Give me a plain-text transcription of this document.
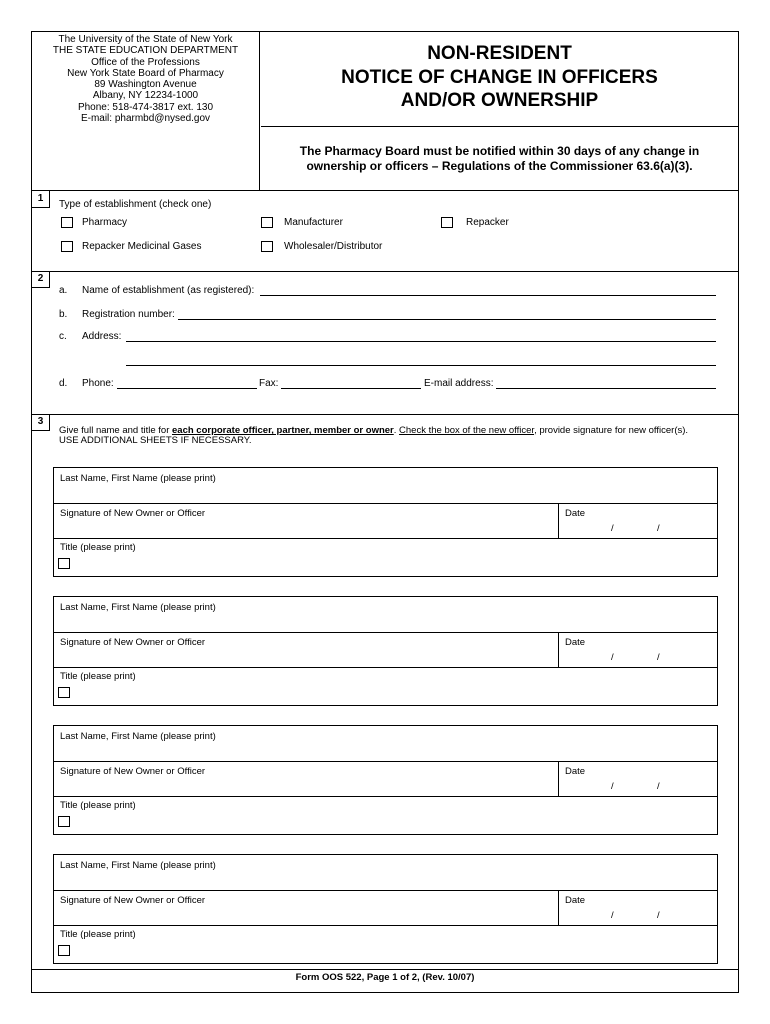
The University of the State of New York
THE STATE EDUCATION DEPARTMENT
Office of the Professions
New York State Board of Pharmacy
89 Washington Avenue
Albany, NY 12234-1000
Phone: 518-474-3817 ext. 130
E-mail: pharmbd@nysed.gov
NON-RESIDENT
NOTICE OF CHANGE IN OFFICERS
AND/OR OWNERSHIP
The Pharmacy Board must be notified within 30 days of any change in
ownership or officers – Regulations of the Commissioner 63.6(a)(3).
1
Type of establishment (check one)
Pharmacy	Manufacturer	Repacker
Repacker Medicinal Gases	Wholesaler/Distributor
2
a. Name of establishment (as registered):
b. Registration number:
c. Address:
d. Phone:	Fax:	E-mail address:
3
Give full name and title for each corporate officer, partner, member or owner. Check the box of the new officer, provide signature for new officer(s).
USE ADDITIONAL SHEETS IF NECESSARY.
Last Name, First Name (please print)
Signature of New Owner or Officer	Date
/	/
Title (please print)
Last Name, First Name (please print)
Signature of New Owner or Officer	Date
/	/
Title (please print)
Last Name, First Name (please print)
Signature of New Owner or Officer	Date
/	/
Title (please print)
Last Name, First Name (please print)
Signature of New Owner or Officer	Date
/	/
Title (please print)
Form OOS 522, Page 1 of 2, (Rev. 10/07)
